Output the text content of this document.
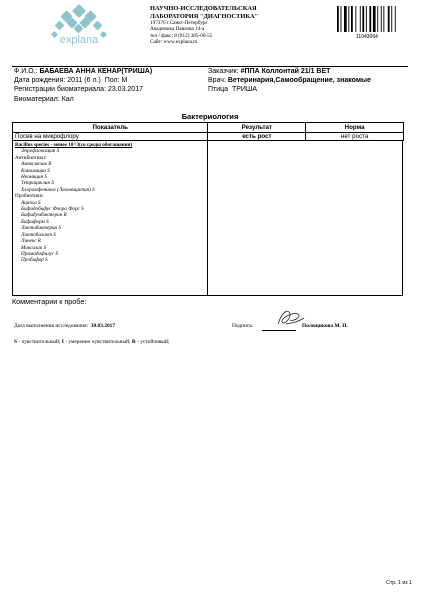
explana
НАУЧНО-ИССЛЕДОВАТЕЛЬСКАЯ
ЛАБОРАТОРИЯ "ДИАГНОСТИКА"
197376 г.Санкт-Петербург
Академика Павлова 14-а
тел / факс: 8 (812) 385-00-55
Сайт: www.explana.ru
11043064
Ф.И.О.: БАБАЕВА АННА КЕНАР(ТРИША)
Дата рождения: 2011 (6 л.) Пол: М
Регистрации биоматериала: 23.03.2017
Биоматериал: Кал
Заказчик: #ППА Коллонтай 21/1 ВЕТ
Врач: Ветеринария,Самообращение, знакомые
Птица ТРИША
Бактериология
Показатель	Результат	Норма
Посев на микрофлору	есть рост	нет роста
Bacillus species - менее 10^3(со среды обогащения)
Энрофлоксацин S
Антибиотики:
Амоксиклав R
Канамицин S
Неомицин S
Тетрациклин S
Хлорамфеникол (Левомицитин) S
Пробиотики:
Аципол S
Бифидобифус Флора Форс S
Бифидумбактерин R
Бифиформ S
Лактобактерин S
Лактобалакт S
Линекс R
Максилак S
Примадофилус S
Пробифор S
Комментарии к пробе:
Дата выполнения исследования: 30.03.2017	Подпись:	Полещикова М. П.
S - чувствительный; I - умеренно чувствительный; R - устойчивый;
Стр. 1 из 1
